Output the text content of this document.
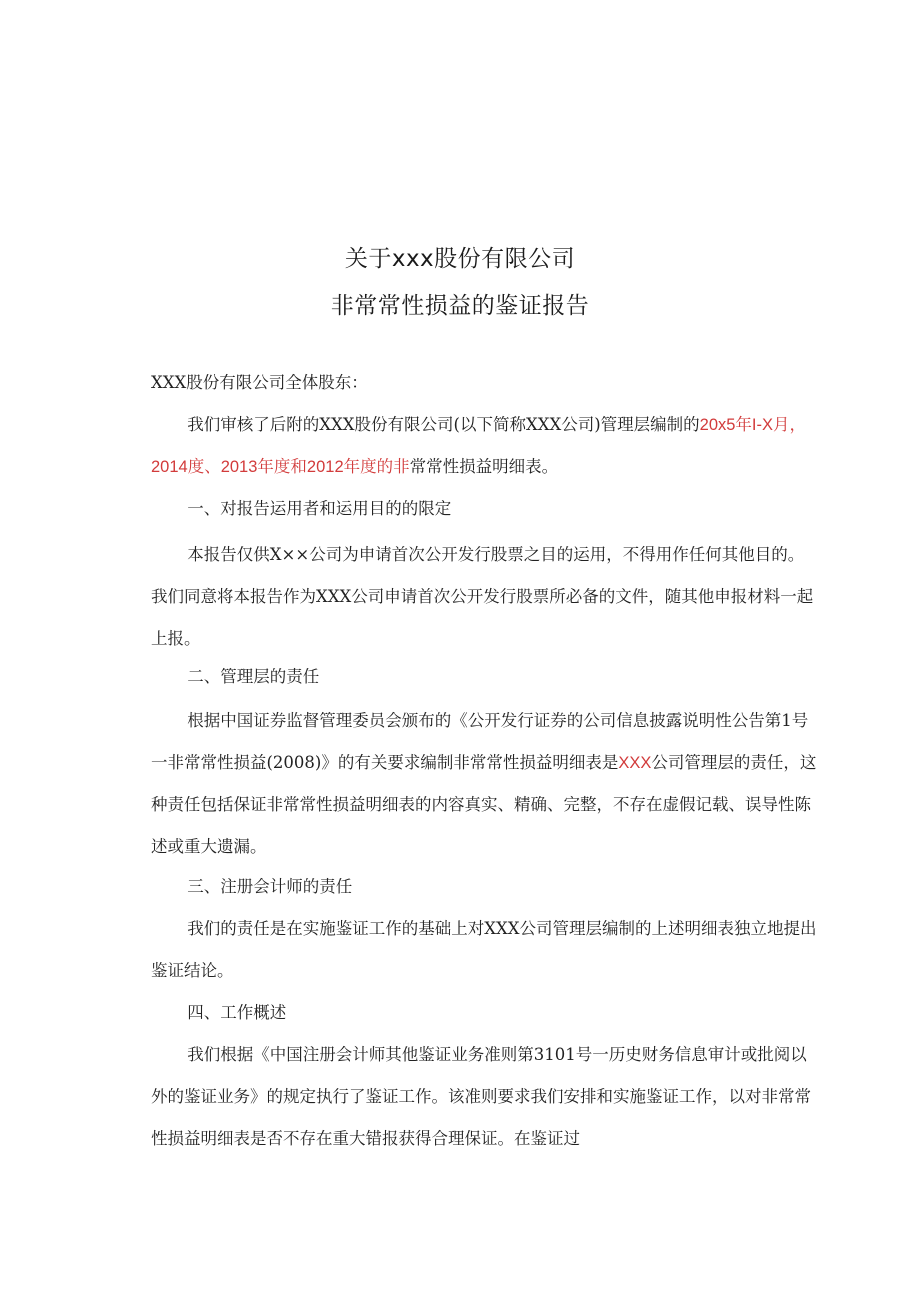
关于xxx股份有限公司
非常常性损益的鉴证报告

XXX股份有限公司全体股东：

我们审核了后附的XXX股份有限公司(以下简称XXX公司)管理层编制的20x5年I-X月，2014度、2013年度和2012年度的非常常性损益明细表。

一、对报告运用者和运用目的的限定

本报告仅供X××公司为申请首次公开发行股票之目的运用，不得用作任何其他目的。我们同意将本报告作为XXX公司申请首次公开发行股票所必备的文件，随其他申报材料一起上报。

二、管理层的责任

根据中国证券监督管理委员会颁布的《公开发行证券的公司信息披露说明性公告第1号一非常常性损益(2008)》的有关要求编制非常常性损益明细表是XXX公司管理层的责任，这种责任包括保证非常常性损益明细表的内容真实、精确、完整，不存在虚假记载、误导性陈述或重大遗漏。

三、注册会计师的责任

我们的责任是在实施鉴证工作的基础上对XXX公司管理层编制的上述明细表独立地提出鉴证结论。

四、工作概述

我们根据《中国注册会计师其他鉴证业务准则第3101号一历史财务信息审计或批阅以外的鉴证业务》的规定执行了鉴证工作。该准则要求我们安排和实施鉴证工作，以对非常常性损益明细表是否不存在重大错报获得合理保证。在鉴证过
